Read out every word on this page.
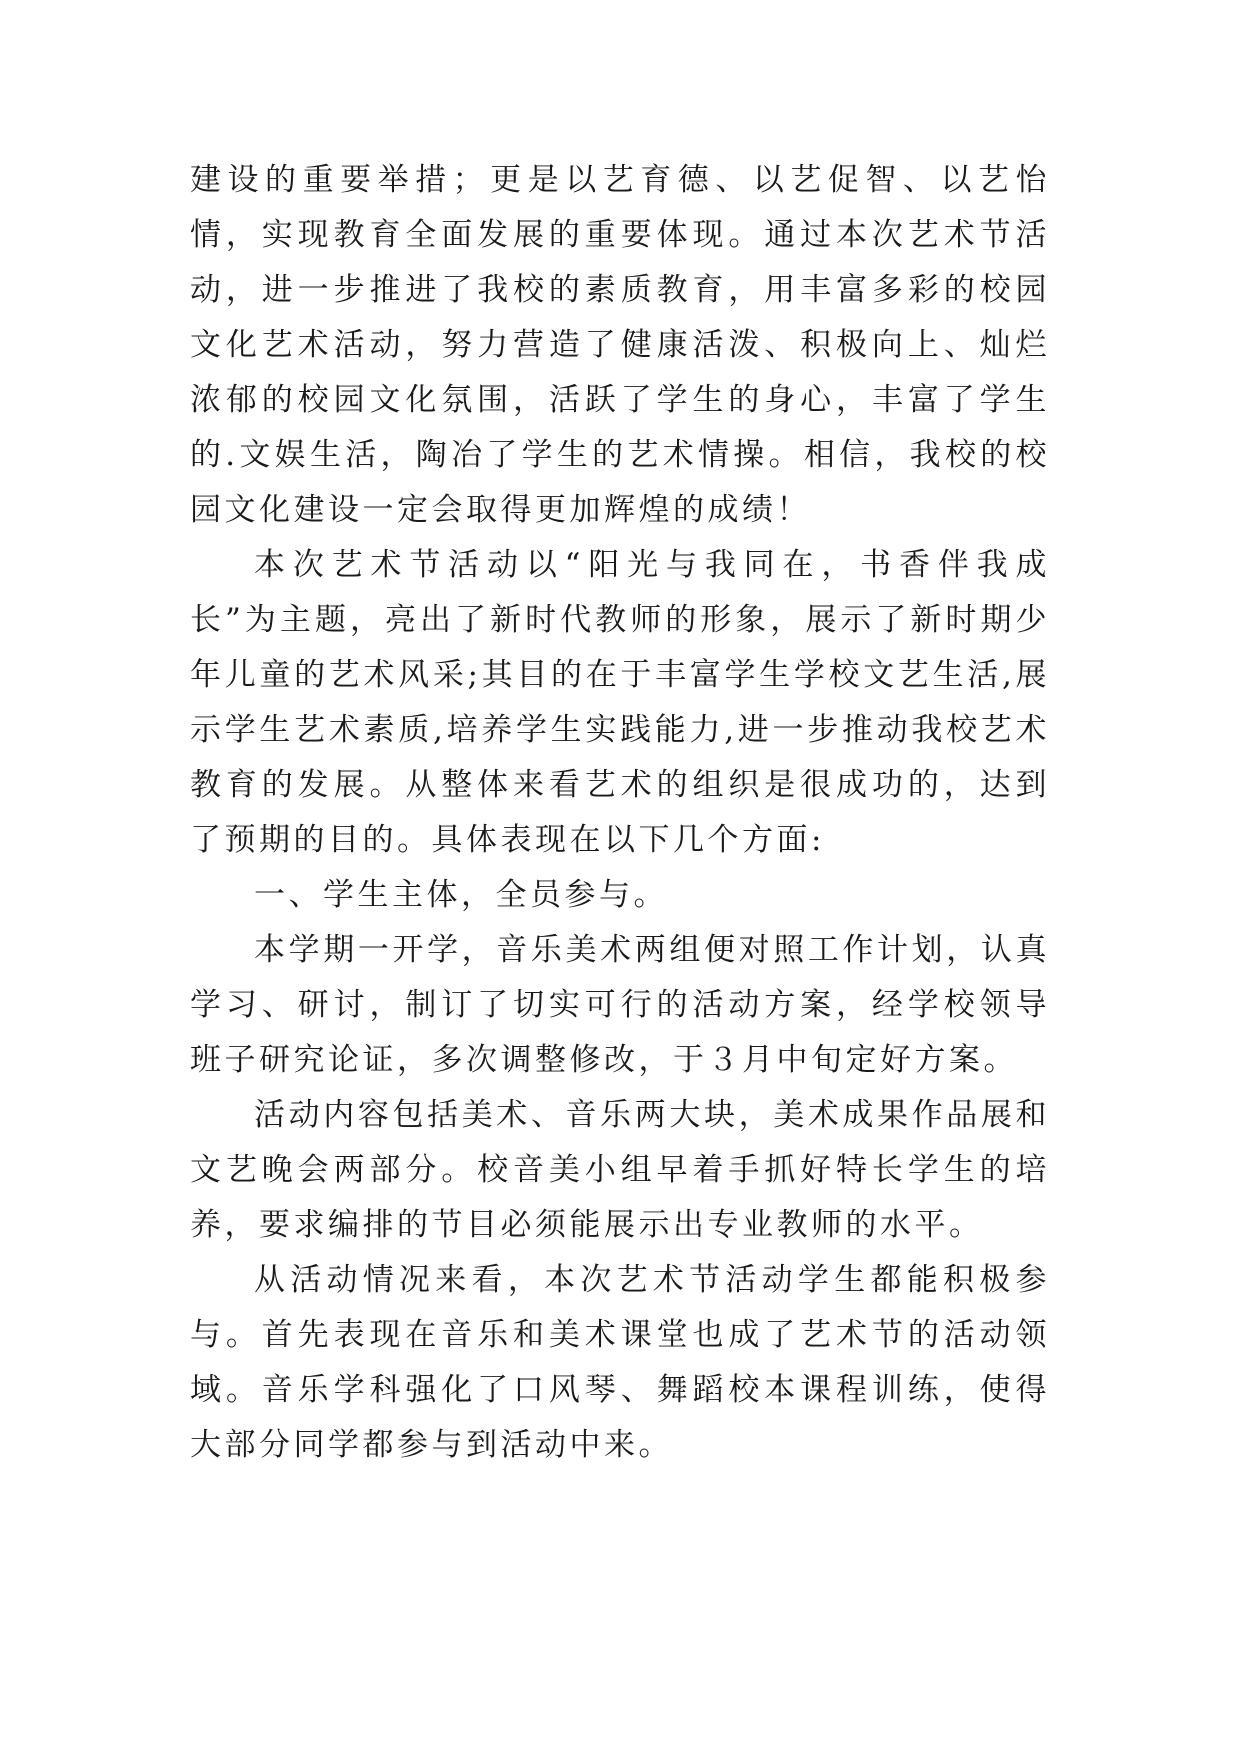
建设的重要举措；更是以艺育德、以艺促智、以艺怡情，实现教育全面发展的重要体现。通过本次艺术节活动，进一步推进了我校的素质教育，用丰富多彩的校园文化艺术活动，努力营造了健康活泼、积极向上、灿烂浓郁的校园文化氛围，活跃了学生的身心，丰富了学生的.文娱生活，陶冶了学生的艺术情操。相信，我校的校园文化建设一定会取得更加辉煌的成绩！

本次艺术节活动以“阳光与我同在，书香伴我成长”为主题，亮出了新时代教师的形象，展示了新时期少年儿童的艺术风采;其目的在于丰富学生学校文艺生活,展示学生艺术素质,培养学生实践能力,进一步推动我校艺术教育的发展。从整体来看艺术的组织是很成功的，达到了预期的目的。具体表现在以下几个方面:

一、学生主体，全员参与。

本学期一开学，音乐美术两组便对照工作计划，认真学习、研讨，制订了切实可行的活动方案，经学校领导班子研究论证，多次调整修改，于３月中旬定好方案。

活动内容包括美术、音乐两大块，美术成果作品展和文艺晚会两部分。校音美小组早着手抓好特长学生的培养，要求编排的节目必须能展示出专业教师的水平。

从活动情况来看，本次艺术节活动学生都能积极参与。首先表现在音乐和美术课堂也成了艺术节的活动领域。音乐学科强化了口风琴、舞蹈校本课程训练，使得大部分同学都参与到活动中来。
